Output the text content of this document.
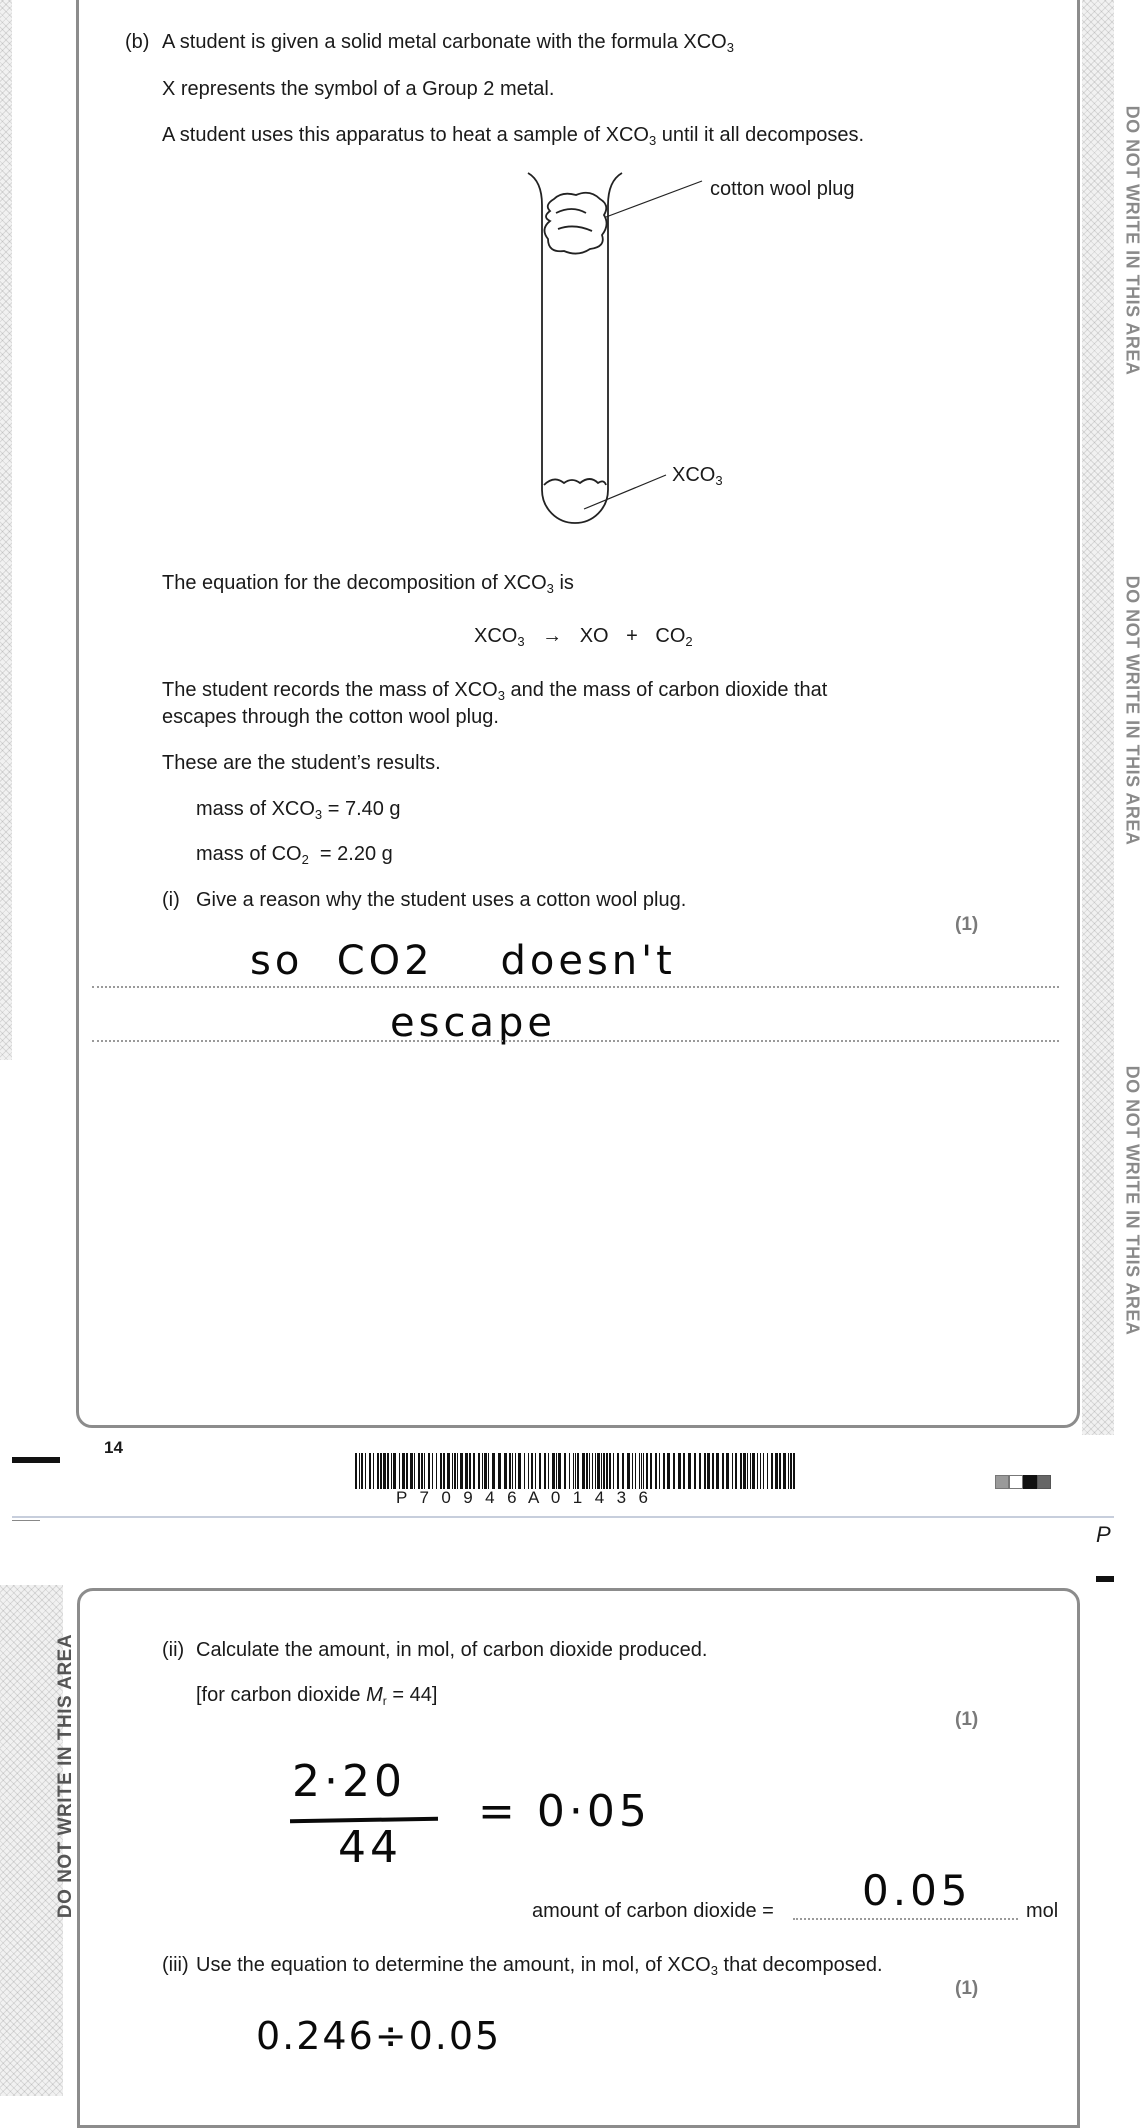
DO NOT WRITE IN THIS AREA
DO NOT WRITE IN THIS AREA
DO NOT WRITE IN THIS AREA
(b) A student is given a solid metal carbonate with the formula $XCO_3$
X represents the symbol of a Group 2 metal.
A student uses this apparatus to heat a sample of $XCO_3$ until it all decomposes.
cotton wool plug
$XCO_3$
The equation for the decomposition of $XCO_3$ is
$XCO_3$ → XO + $CO_2$
The student records the mass of $XCO_3$ and the mass of carbon dioxide that
escapes through the cotton wool plug.
These are the student’s results.
mass of $XCO_3 = 7.40$ g
mass of $CO_2 = 2.20$ g
(i) Give a reason why the student uses a cotton wool plug.
(1)
so  CO2    doesn't
escape
14
P  7  0  9  4  6  A  0  1  4  3  6
P
DO NOT WRITE IN THIS AREA	(ii) Calculate the amount, in mol, of carbon dioxide produced.
[for carbon dioxide $M_r = 44$]
(1)
2·20
44
= 0·05
amount of carbon dioxide = 0.05	mol
(iii) Use the equation to determine the amount, in mol, of $XCO_3$ that decomposed.
(1)
0.246÷0.05
